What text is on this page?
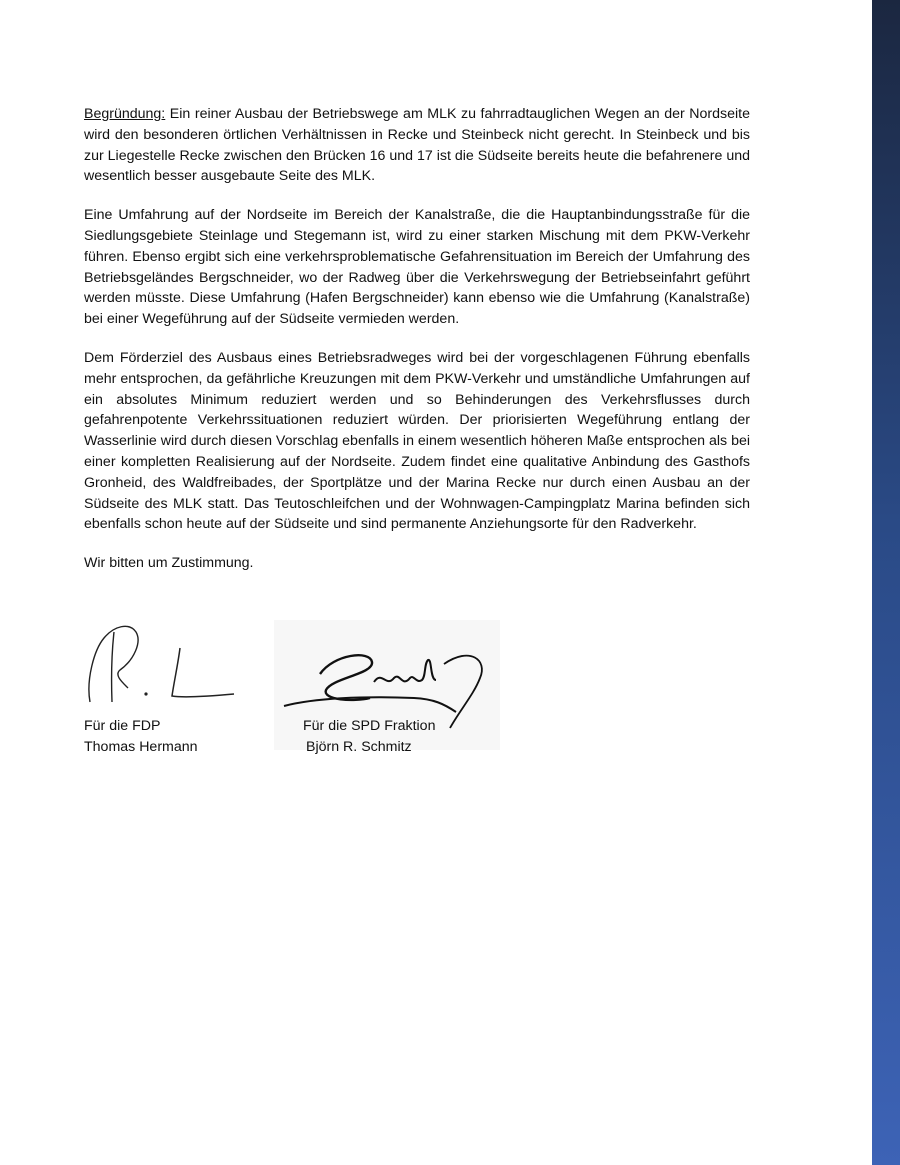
Begründung: Ein reiner Ausbau der Betriebswege am MLK zu fahrradtauglichen Wegen an der Nordseite wird den besonderen örtlichen Verhältnissen in Recke und Steinbeck nicht gerecht. In Steinbeck und bis zur Liegestelle Recke zwischen den Brücken 16 und 17 ist die Südseite bereits heute die befahrenere und wesentlich besser ausgebaute Seite des MLK.

Eine Umfahrung auf der Nordseite im Bereich der Kanalstraße, die die Hauptanbindungsstraße für die Siedlungsgebiete Steinlage und Stegemann ist, wird zu einer starken Mischung mit dem PKW-Verkehr führen. Ebenso ergibt sich eine verkehrsproblematische Gefahrensituation im Bereich der Umfahrung des Betriebsgeländes Bergschneider, wo der Radweg über die Verkehrswegung der Betriebseinfahrt geführt werden müsste. Diese Umfahrung (Hafen Bergschneider) kann ebenso wie die Umfahrung (Kanalstraße) bei einer Wegeführung auf der Südseite vermieden werden.

Dem Förderziel des Ausbaus eines Betriebsradweges wird bei der vorgeschlagenen Führung ebenfalls mehr entsprochen, da gefährliche Kreuzungen mit dem PKW-Verkehr und umständliche Umfahrungen auf ein absolutes Minimum reduziert werden und so Behinderungen des Verkehrsflusses durch gefahrenpotente Verkehrssituationen reduziert würden. Der priorisierten Wegeführung entlang der Wasserlinie wird durch diesen Vorschlag ebenfalls in einem wesentlich höheren Maße entsprochen als bei einer kompletten Realisierung auf der Nordseite. Zudem findet eine qualitative Anbindung des Gasthofs Gronheid, des Waldfreibades, der Sportplätze und der Marina Recke nur durch einen Ausbau an der Südseite des MLK statt. Das Teutoschleifchen und der Wohnwagen-Campingplatz Marina befinden sich ebenfalls schon heute auf der Südseite und sind permanente Anziehungsorte für den Radverkehr.

Wir bitten um Zustimmung.

Für die FDP
Thomas Hermann
Für die SPD Fraktion
Björn R. Schmitz
